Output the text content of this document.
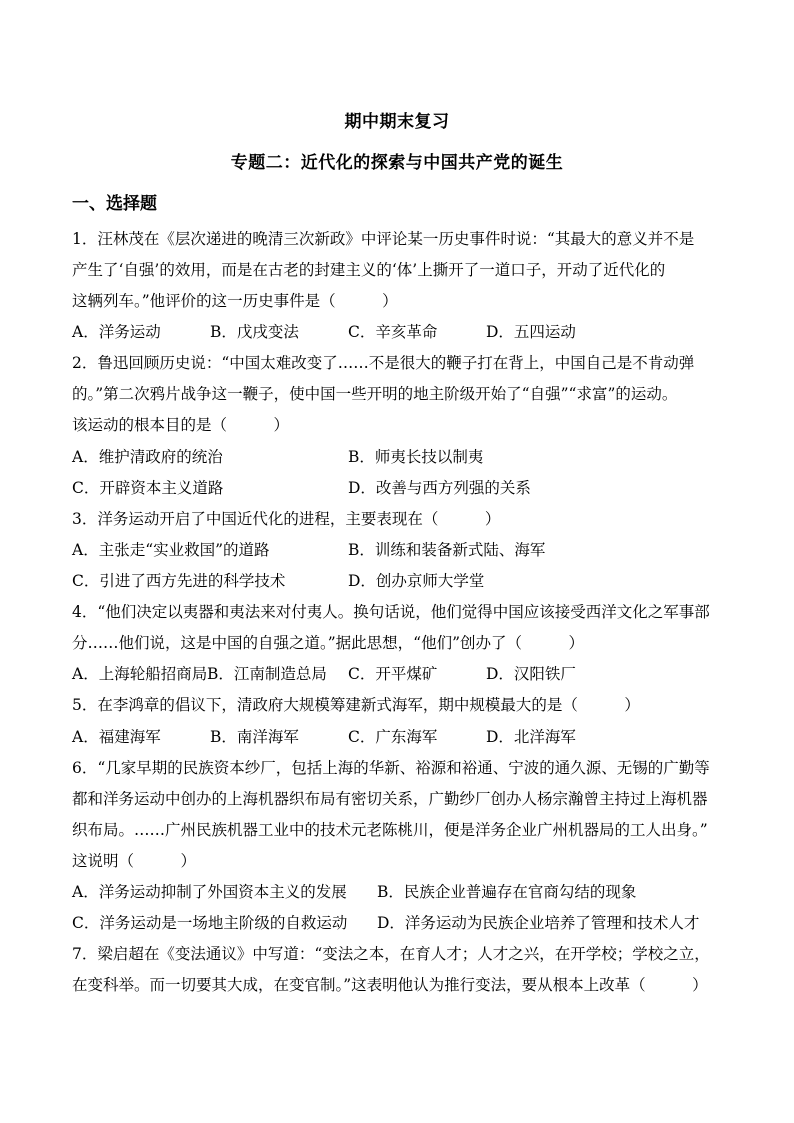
期中期末复习
专题二：近代化的探索与中国共产党的诞生
一、选择题
1．汪林茂在《层次递进的晚清三次新政》中评论某一历史事件时说：“其最大的意义并不是
产生了‘自强’的效用，而是在古老的封建主义的‘体’上撕开了一道口子，开动了近代化的
这辆列车。”他评价的这一历史事件是（　　　）
A．洋务运动	B．戊戌变法	C．辛亥革命	D．五四运动
2．鲁迅回顾历史说：“中国太难改变了……不是很大的鞭子打在背上，中国自己是不肯动弹
的。”第二次鸦片战争这一鞭子，使中国一些开明的地主阶级开始了“自强”“求富”的运动。
该运动的根本目的是（　　　）
A．维护清政府的统治	B．师夷长技以制夷
C．开辟资本主义道路	D．改善与西方列强的关系
3．洋务运动开启了中国近代化的进程，主要表现在（　　　）
A．主张走“实业救国”的道路	B．训练和装备新式陆、海军
C．引进了西方先进的科学技术	D．创办京师大学堂
4．“他们决定以夷器和夷法来对付夷人。换句话说，他们觉得中国应该接受西洋文化之军事部
分……他们说，这是中国的自强之道。”据此思想，“他们”创办了（　　　）
A．上海轮船招商局 B．江南制造总局 C．开平煤矿	D．汉阳铁厂
5．在李鸿章的倡议下，清政府大规模筹建新式海军，期中规模最大的是（　　　）
A．福建海军	B．南洋海军	C．广东海军	D．北洋海军
6．“几家早期的民族资本纱厂，包括上海的华新、裕源和裕通、宁波的通久源、无锡的广勤等
都和洋务运动中创办的上海机器织布局有密切关系，广勤纱厂创办人杨宗瀚曾主持过上海机器
织布局。……广州民族机器工业中的技术元老陈桃川，便是洋务企业广州机器局的工人出身。”
这说明（　　　）
A．洋务运动抑制了外国资本主义的发展 B．民族企业普遍存在官商勾结的现象
C．洋务运动是一场地主阶级的自救运动 D．洋务运动为民族企业培养了管理和技术人才
7．梁启超在《变法通议》中写道：“变法之本，在育人才；人才之兴，在开学校；学校之立，
在变科举。而一切要其大成，在变官制。”这表明他认为推行变法，要从根本上改革（　　　）
